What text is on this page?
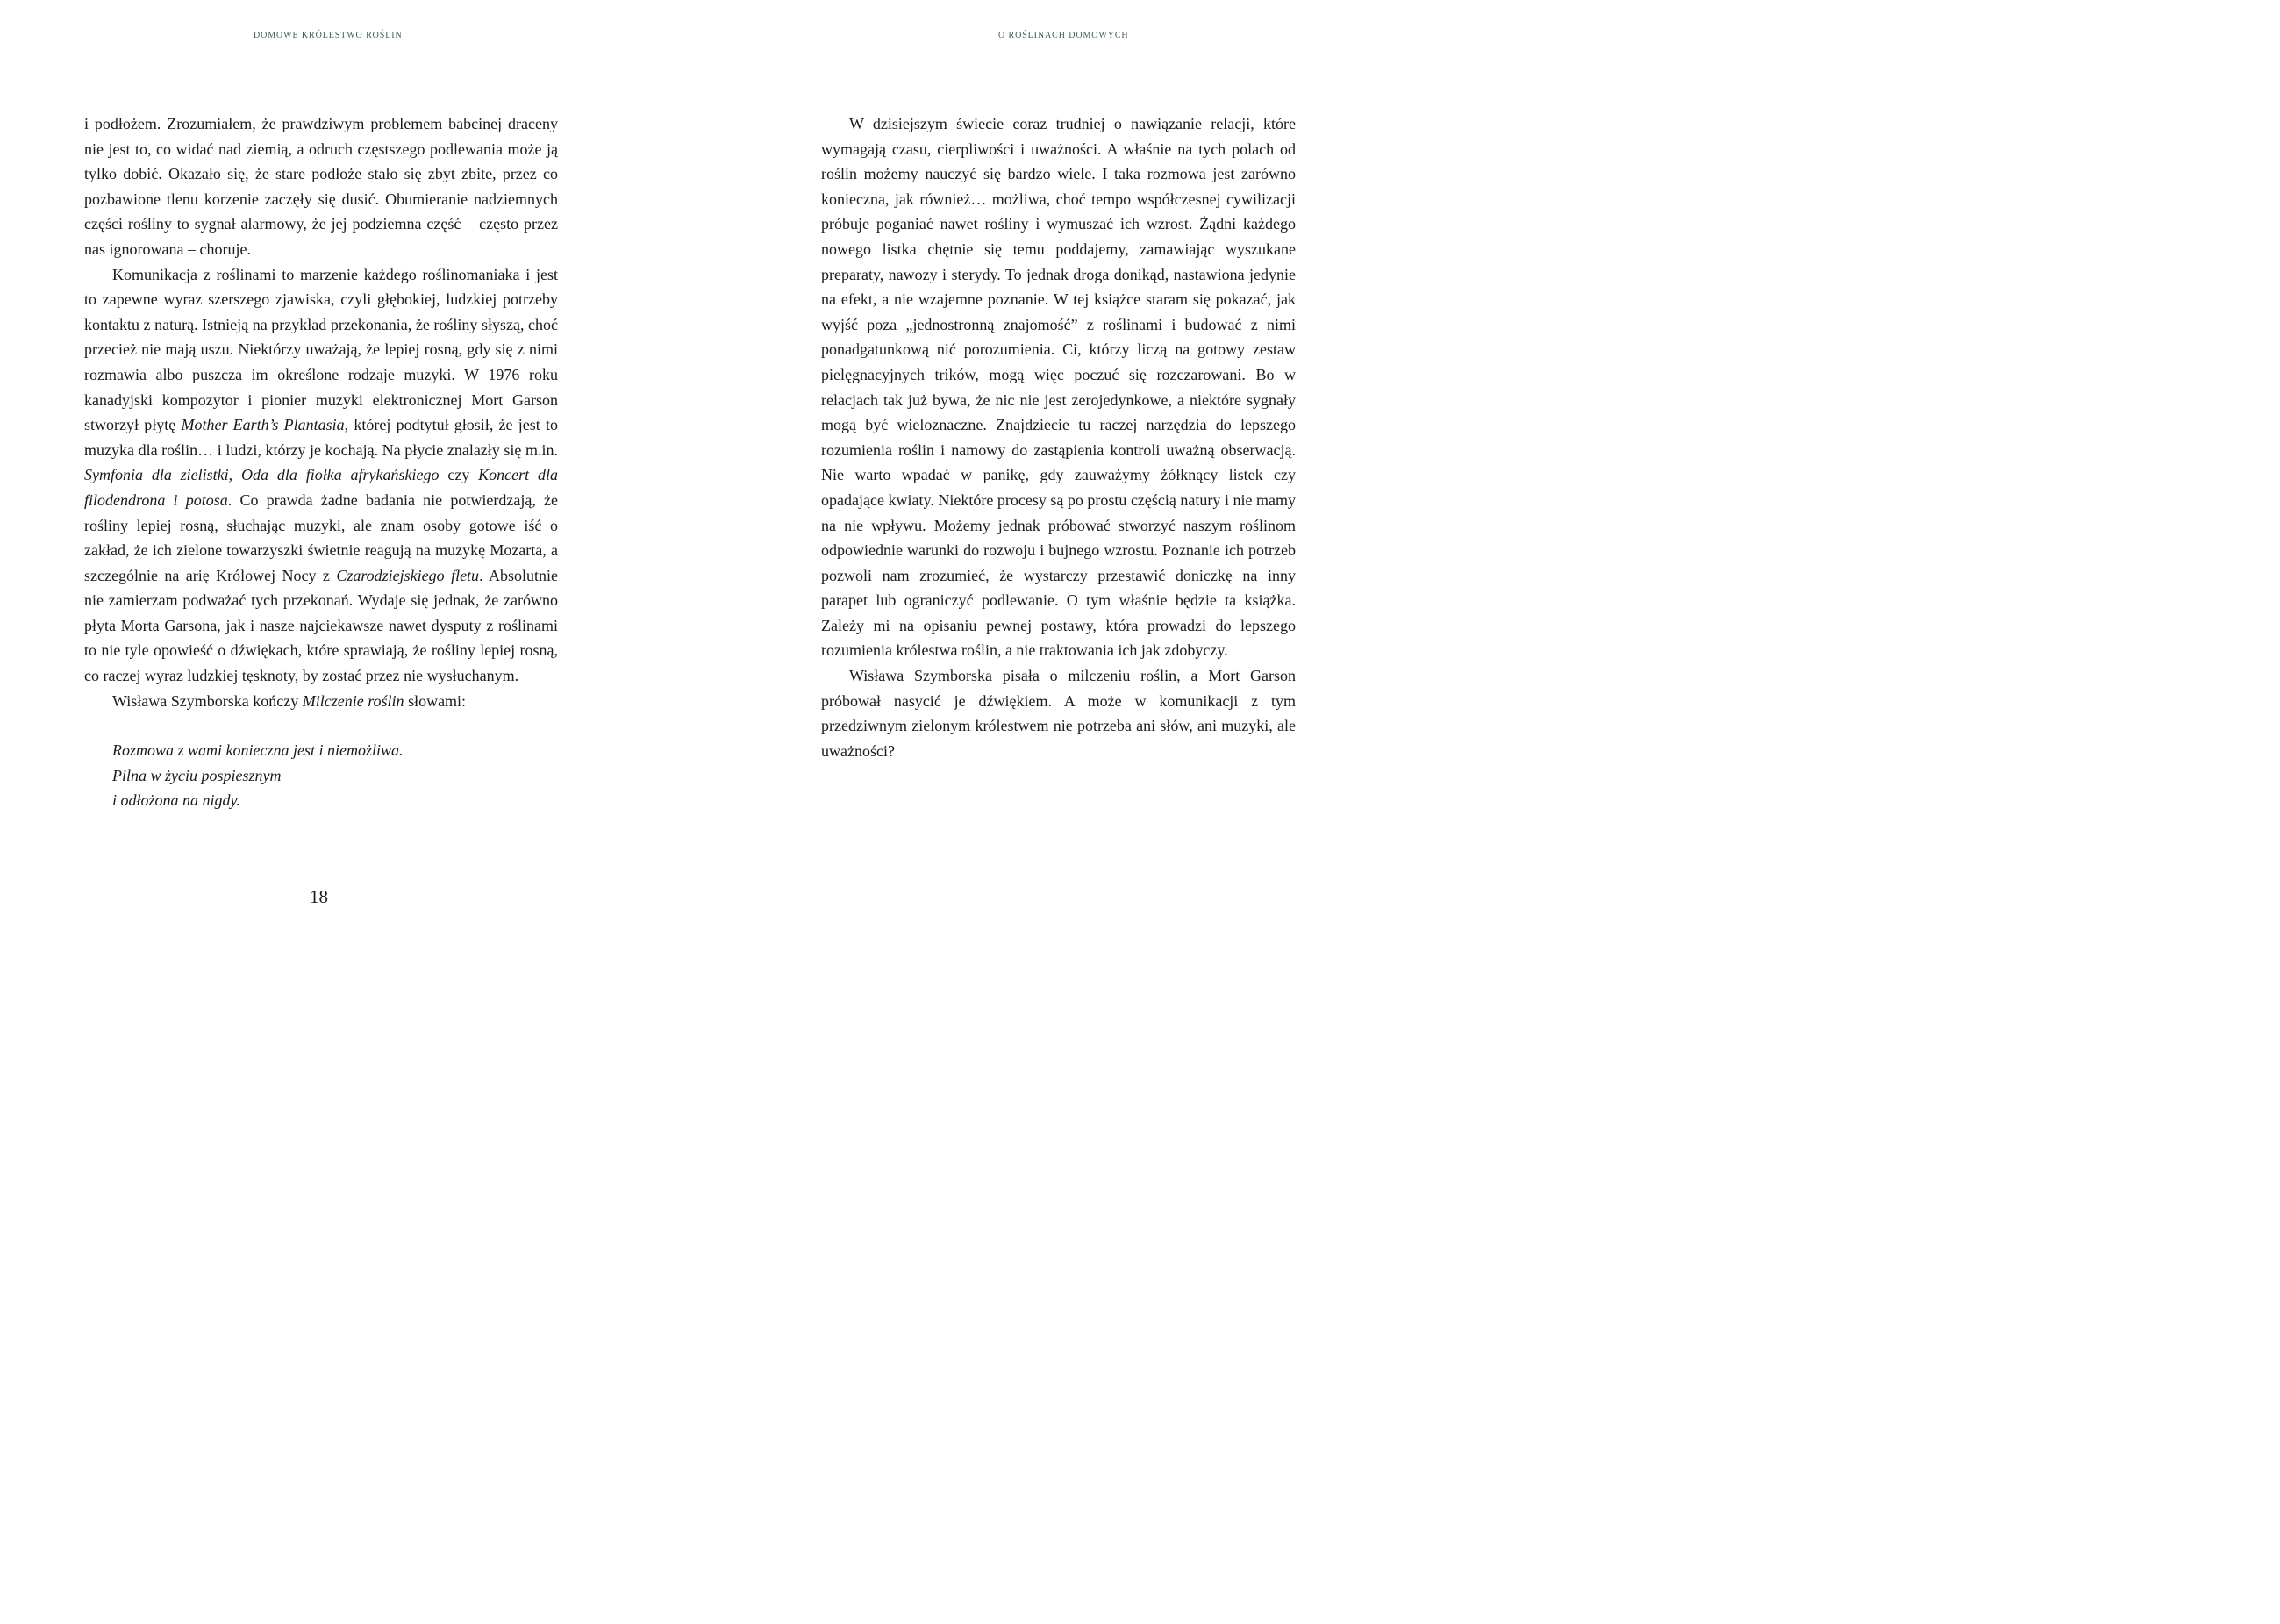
DOMOWE KRÓLESTWO ROŚLIN

i podłożem. Zrozumiałem, że prawdziwym problemem babcinej draceny nie jest to, co widać nad ziemią, a odruch częstszego podlewania może ją tylko dobić. Okazało się, że stare podłoże stało się zbyt zbite, przez co pozbawione tlenu korzenie zaczęły się dusić. Obumieranie nadziemnych części rośliny to sygnał alarmowy, że jej podziemna część – często przez nas ignorowana – choruje.

Komunikacja z roślinami to marzenie każdego roślinomaniaka i jest to zapewne wyraz szerszego zjawiska, czyli głębokiej, ludzkiej potrzeby kontaktu z naturą. Istnieją na przykład przekonania, że rośliny słyszą, choć przecież nie mają uszu. Niektórzy uważają, że lepiej rosną, gdy się z nimi rozmawia albo puszcza im określone rodzaje muzyki. W 1976 roku kanadyjski kompozytor i pionier muzyki elektronicznej Mort Garson stworzył płytę Mother Earth’s Plantasia, której podtytuł głosił, że jest to muzyka dla roślin… i ludzi, którzy je kochają. Na płycie znalazły się m.in. Symfonia dla zielistki, Oda dla fiołka afrykańskiego czy Koncert dla filodendrona i potosa. Co prawda żadne badania nie potwierdzają, że rośliny lepiej rosną, słuchając muzyki, ale znam osoby gotowe iść o zakład, że ich zielone towarzyszki świetnie reagują na muzykę Mozarta, a szczególnie na arię Królowej Nocy z Czarodziejskiego fletu. Absolutnie nie zamierzam podważać tych przekonań. Wydaje się jednak, że zarówno płyta Morta Garsona, jak i nasze najciekawsze nawet dysputy z roślinami to nie tyle opowieść o dźwiękach, które sprawiają, że rośliny lepiej rosną, co raczej wyraz ludzkiej tęsknoty, by zostać przez nie wysłuchanym.

Wisława Szymborska kończy Milczenie roślin słowami:

Rozmowa z wami konieczna jest i niemożliwa.
Pilna w życiu pospiesznym
i odłożona na nigdy.
18
O ROŚLINACH DOMOWYCH

W dzisiejszym świecie coraz trudniej o nawiązanie relacji, które wymagają czasu, cierpliwości i uważności. A właśnie na tych polach od roślin możemy nauczyć się bardzo wiele. I taka rozmowa jest zarówno konieczna, jak również… możliwa, choć tempo współczesnej cywilizacji próbuje poganiać nawet rośliny i wymuszać ich wzrost. Żądni każdego nowego listka chętnie się temu poddajemy, zamawiając wyszukane preparaty, nawozy i sterydy. To jednak droga donikąd, nastawiona jedynie na efekt, a nie wzajemne poznanie. W tej książce staram się pokazać, jak wyjść poza „jednostronną znajomość” z roślinami i budować z nimi ponadgatunkową nić porozumienia. Ci, którzy liczą na gotowy zestaw pielęgnacyjnych trików, mogą więc poczuć się rozczarowani. Bo w relacjach tak już bywa, że nic nie jest zerojedynkowe, a niektóre sygnały mogą być wieloznaczne. Znajdziecie tu raczej narzędzia do lepszego rozumienia roślin i namowy do zastąpienia kontroli uważną obserwacją. Nie warto wpadać w panikę, gdy zauważymy żółknący listek czy opadające kwiaty. Niektóre procesy są po prostu częścią natury i nie mamy na nie wpływu. Możemy jednak próbować stworzyć naszym roślinom odpowiednie warunki do rozwoju i bujnego wzrostu. Poznanie ich potrzeb pozwoli nam zrozumieć, że wystarczy przestawić doniczkę na inny parapet lub ograniczyć podlewanie. O tym właśnie będzie ta książka. Zależy mi na opisaniu pewnej postawy, która prowadzi do lepszego rozumienia królestwa roślin, a nie traktowania ich jak zdobyczy.

Wisława Szymborska pisała o milczeniu roślin, a Mort Garson próbował nasycić je dźwiękiem. A może w komunikacji z tym przedziwnym zielonym królestwem nie potrzeba ani słów, ani muzyki, ale uważności?
